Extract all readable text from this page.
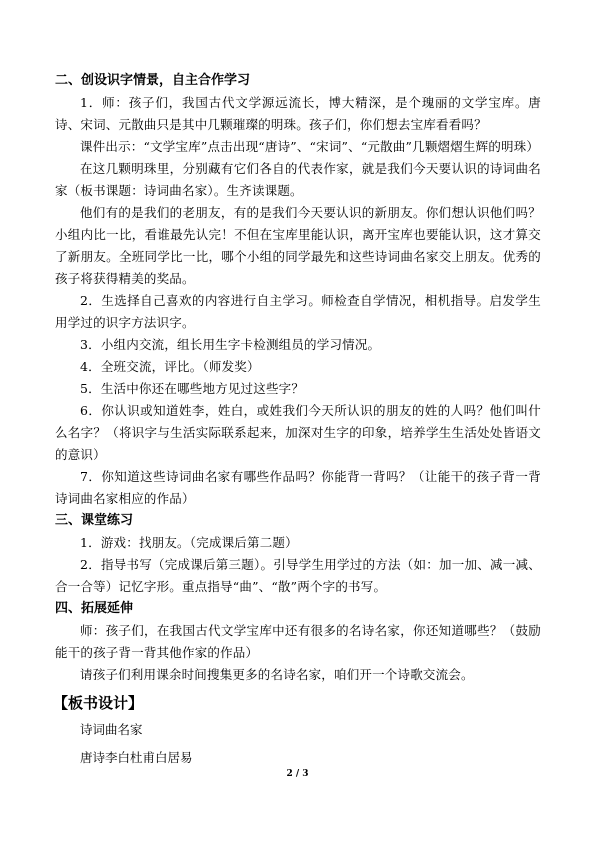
二、创设识字情景，自主合作学习

1．师：孩子们，我国古代文学源远流长，博大精深，是个瑰丽的文学宝库。唐诗、宋词、元散曲只是其中几颗璀璨的明珠。孩子们，你们想去宝库看看吗？

课件出示：“文学宝库”点击出现“唐诗”、“宋词”、“元散曲”几颗熠熠生辉的明珠）

在这几颗明珠里，分别藏有它们各自的代表作家，就是我们今天要认识的诗词曲名家（板书课题：诗词曲名家）。生齐读课题。

他们有的是我们的老朋友，有的是我们今天要认识的新朋友。你们想认识他们吗？小组内比一比，看谁最先认完！不但在宝库里能认识，离开宝库也要能认识，这才算交了新朋友。全班同学比一比，哪个小组的同学最先和这些诗词曲名家交上朋友。优秀的孩子将获得精美的奖品。

2．生选择自己喜欢的内容进行自主学习。师检查自学情况，相机指导。启发学生用学过的识字方法识字。

3．小组内交流，组长用生字卡检测组员的学习情况。

4．全班交流，评比。（师发奖）

5．生活中你还在哪些地方见过这些字？

6．你认识或知道姓李，姓白，或姓我们今天所认识的朋友的姓的人吗？他们叫什么名字？（将识字与生活实际联系起来，加深对生字的印象，培养学生生活处处皆语文的意识）

7．你知道这些诗词曲名家有哪些作品吗？你能背一背吗？（让能干的孩子背一背诗词曲名家相应的作品）

三、课堂练习

1．游戏：找朋友。（完成课后第二题）

2．指导书写（完成课后第三题）。引导学生用学过的方法（如：加一加、减一减、合一合等）记忆字形。重点指导“曲”、“散”两个字的书写。

四、拓展延伸

师：孩子们，在我国古代文学宝库中还有很多的名诗名家，你还知道哪些？（鼓励能干的孩子背一背其他作家的作品）

请孩子们利用课余时间搜集更多的名诗名家，咱们开一个诗歌交流会。

【板书设计】

诗词曲名家

唐诗李白杜甫白居易

2 / 3
